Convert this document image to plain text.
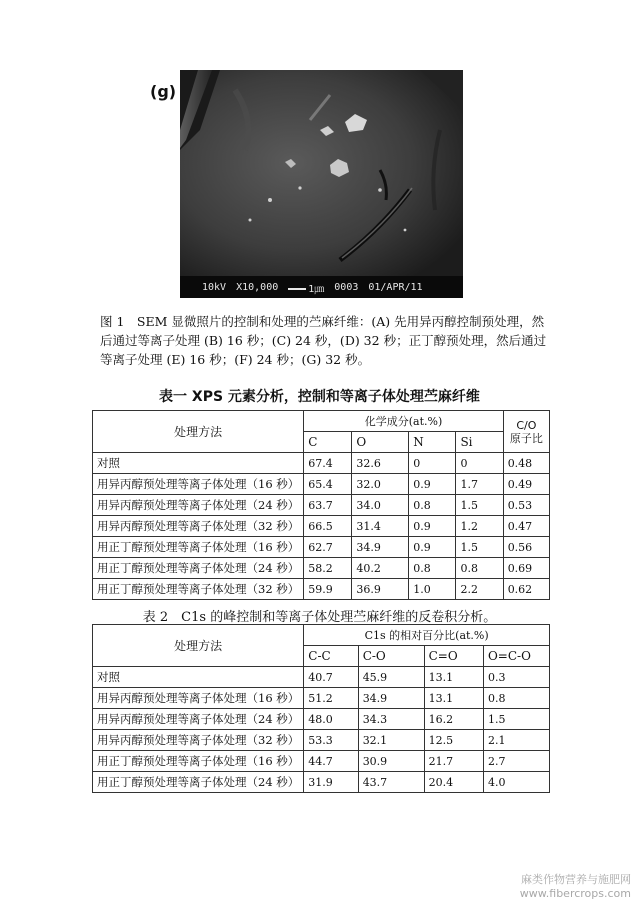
(g)
10kV X10,000	1㎛ 0003 01/APR/11
图 1　SEM 显微照片的控制和处理的苎麻纤维：(A) 先用异丙醇控制预处理，然后通过等离子处理 (B) 16 秒；(C) 24 秒，(D) 32 秒；正丁醇预处理，然后通过等离子处理 (E) 16 秒；(F) 24 秒；(G) 32 秒。
表一 XPS 元素分析，控制和等离子体处理苎麻纤维
处理方法	化学成分(at.%)				C/O
原子比

	C	O	N	Si	
对照	67.4	32.6	0	0	0.48
用异丙醇预处理等离子体处理（16 秒）	65.4	32.0	0.9	1.7	0.49
用异丙醇预处理等离子体处理（24 秒）	63.7	34.0	0.8	1.5	0.53
用异丙醇预处理等离子体处理（32 秒）	66.5	31.4	0.9	1.2	0.47
用正丁醇预处理等离子体处理（16 秒）	62.7	34.9	0.9	1.5	0.56
用正丁醇预处理等离子体处理（24 秒）	58.2	40.2	0.8	0.8	0.69
用正丁醇预处理等离子体处理（32 秒）	59.9	36.9	1.0	2.2	0.62
表 2　C1s 的峰控制和等离子体处理苎麻纤维的反卷积分析。
处理方法	C1s 的相对百分比(at.%)			
	C-C	C-O	C=O	O=C-O
对照	40.7	45.9	13.1	0.3
用异丙醇预处理等离子体处理（16 秒）	51.2	34.9	13.1	0.8
用异丙醇预处理等离子体处理（24 秒）	48.0	34.3	16.2	1.5
用异丙醇预处理等离子体处理（32 秒）	53.3	32.1	12.5	2.1
用正丁醇预处理等离子体处理（16 秒）	44.7	30.9	21.7	2.7
用正丁醇预处理等离子体处理（24 秒）	31.9	43.7	20.4	4.0
麻类作物营养与施肥网
www.fibercrops.com
